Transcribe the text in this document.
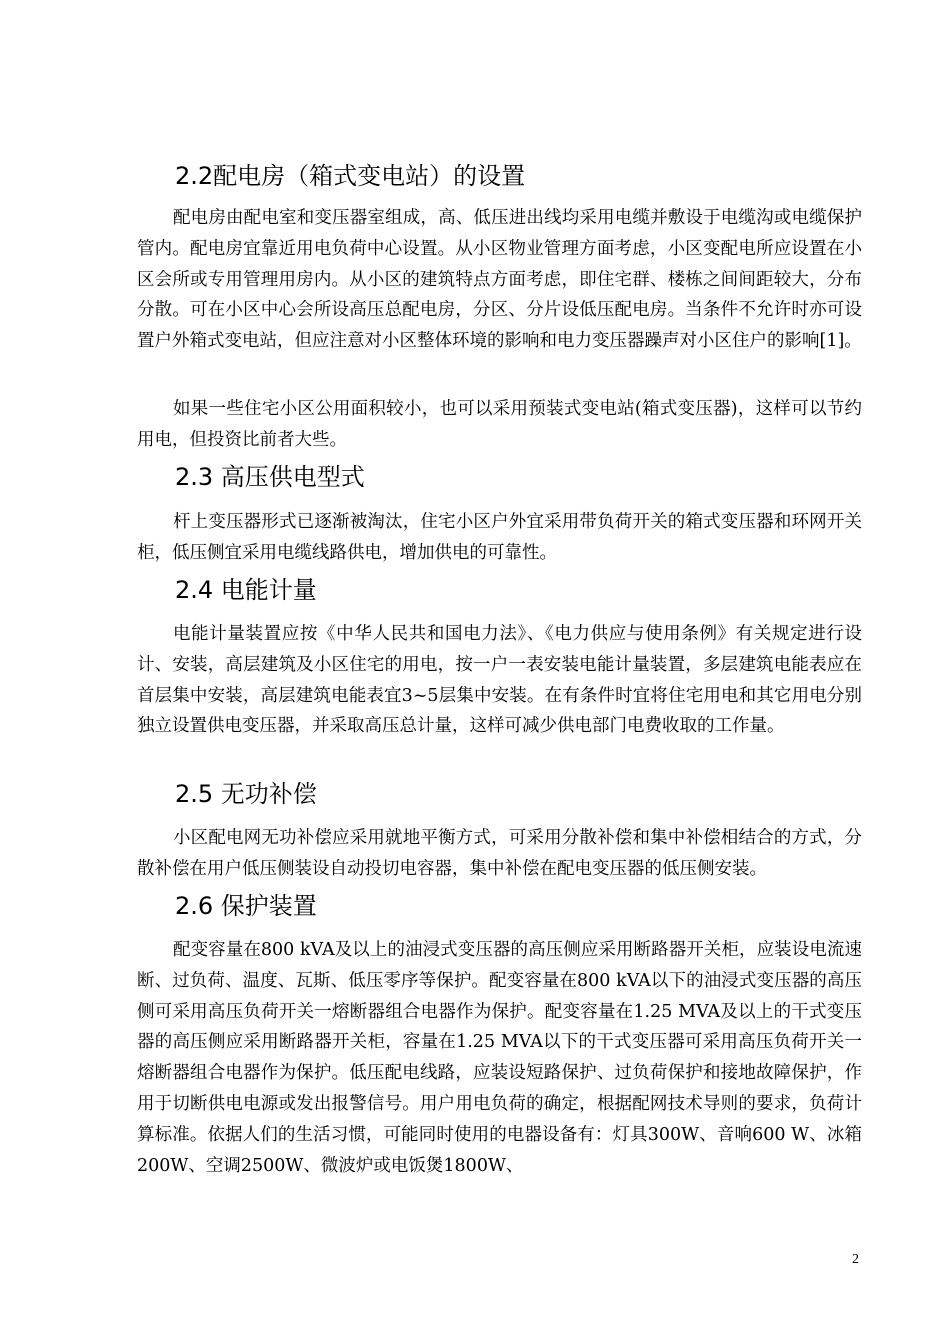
2.2配电房（箱式变电站）的设置

配电房由配电室和变压器室组成，高、低压进出线均采用电缆并敷设于电缆沟或电缆保护管内。配电房宜靠近用电负荷中心设置。从小区物业管理方面考虑，小区变配电所应设置在小区会所或专用管理用房内。从小区的建筑特点方面考虑，即住宅群、楼栋之间间距较大，分布分散。可在小区中心会所设高压总配电房，分区、分片设低压配电房。当条件不允许时亦可设置户外箱式变电站，但应注意对小区整体环境的影响和电力变压器躁声对小区住户的影响[1]。

如果一些住宅小区公用面积较小，也可以采用预装式变电站(箱式变压器)，这样可以节约用电，但投资比前者大些。

2.3 高压供电型式

杆上变压器形式已逐渐被淘汰，住宅小区户外宜采用带负荷开关的箱式变压器和环网开关柜，低压侧宜采用电缆线路供电，增加供电的可靠性。

2.4 电能计量

电能计量装置应按《中华人民共和国电力法》、《电力供应与使用条例》有关规定进行设计、安装，高层建筑及小区住宅的用电，按一户一表安装电能计量装置，多层建筑电能表应在首层集中安装，高层建筑电能表宜3~5层集中安装。在有条件时宜将住宅用电和其它用电分别独立设置供电变压器，并采取高压总计量，这样可减少供电部门电费收取的工作量。

2.5 无功补偿

小区配电网无功补偿应采用就地平衡方式，可采用分散补偿和集中补偿相结合的方式，分散补偿在用户低压侧装设自动投切电容器，集中补偿在配电变压器的低压侧安装。

2.6 保护装置

配变容量在800 kVA及以上的油浸式变压器的高压侧应采用断路器开关柜，应装设电流速断、过负荷、温度、瓦斯、低压零序等保护。配变容量在800 kVA以下的油浸式变压器的高压侧可采用高压负荷开关一熔断器组合电器作为保护。配变容量在1.25 MVA及以上的干式变压器的高压侧应采用断路器开关柜，容量在1.25 MVA以下的干式变压器可采用高压负荷开关一熔断器组合电器作为保护。低压配电线路，应装设短路保护、过负荷保护和接地故障保护，作用于切断供电电源或发出报警信号。用户用电负荷的确定，根据配网技术导则的要求，负荷计算标准。依据人们的生活习惯，可能同时使用的电器设备有：灯具300W、音响600 W、冰箱200W、空调2500W、微波炉或电饭煲1800W、

2
